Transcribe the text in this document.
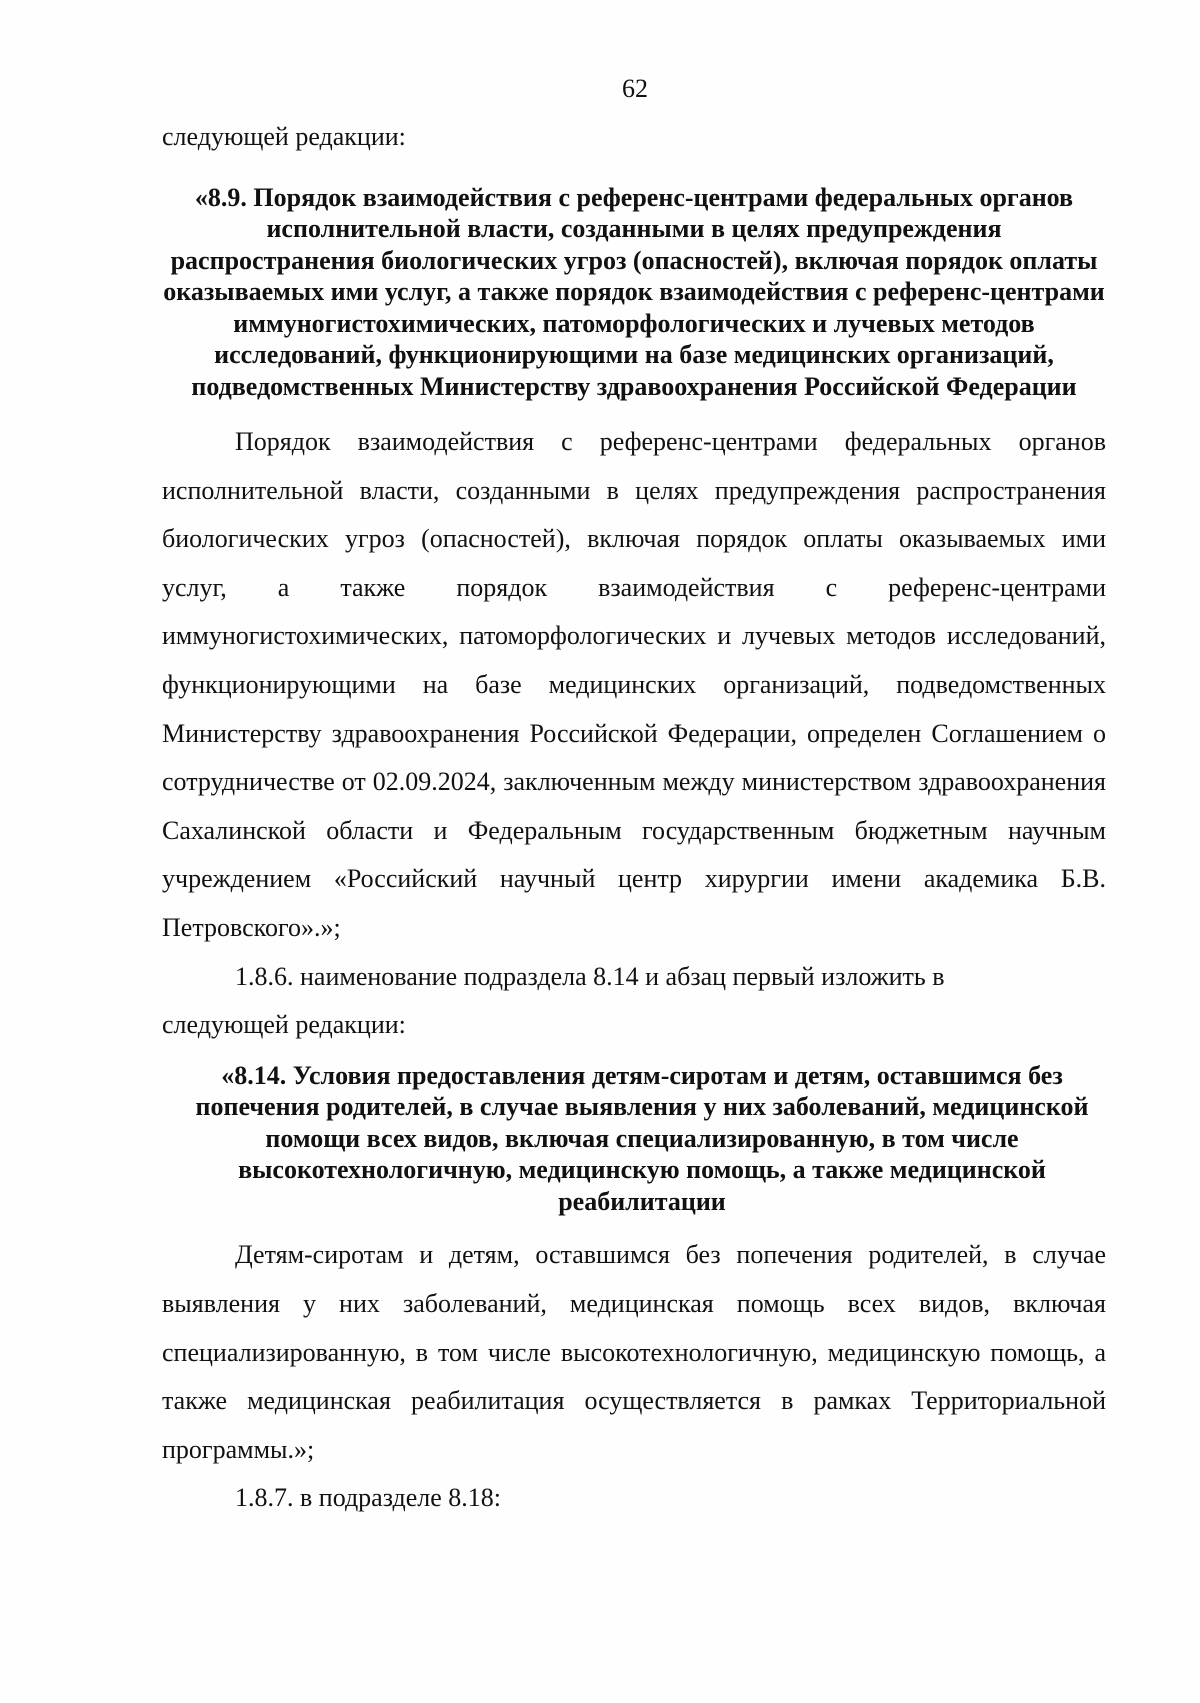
62

следующей редакции:

«8.9. Порядок взаимодействия с референс-центрами федеральных органов исполнительной власти, созданными в целях предупреждения распространения биологических угроз (опасностей), включая порядок оплаты оказываемых ими услуг, а также порядок взаимодействия с референс-центрами иммуногистохимических, патоморфологических и лучевых методов исследований, функционирующими на базе медицинских организаций, подведомственных Министерству здравоохранения Российской Федерации

Порядок взаимодействия с референс-центрами федеральных органов исполнительной власти, созданными в целях предупреждения распространения биологических угроз (опасностей), включая порядок оплаты оказываемых ими услуг, а также порядок взаимодействия с референс-центрами иммуногистохимических, патоморфологических и лучевых методов исследований, функционирующими на базе медицинских организаций, подведомственных Министерству здравоохранения Российской Федерации, определен Соглашением о сотрудничестве от 02.09.2024, заключенным между министерством здравоохранения Сахалинской области и Федеральным государственным бюджетным научным учреждением «Российский научный центр хирургии имени академика Б.В. Петровского».»;

1.8.6. наименование подраздела 8.14 и абзац первый изложить в

следующей редакции:

«8.14. Условия предоставления детям-сиротам и детям, оставшимся без попечения родителей, в случае выявления у них заболеваний, медицинской помощи всех видов, включая специализированную, в том числе высокотехнологичную, медицинскую помощь, а также медицинской реабилитации

Детям-сиротам и детям, оставшимся без попечения родителей, в случае выявления у них заболеваний, медицинская помощь всех видов, включая специализированную, в том числе высокотехнологичную, медицинскую помощь, а также медицинская реабилитация осуществляется в рамках Территориальной программы.»;

1.8.7. в подразделе 8.18:
